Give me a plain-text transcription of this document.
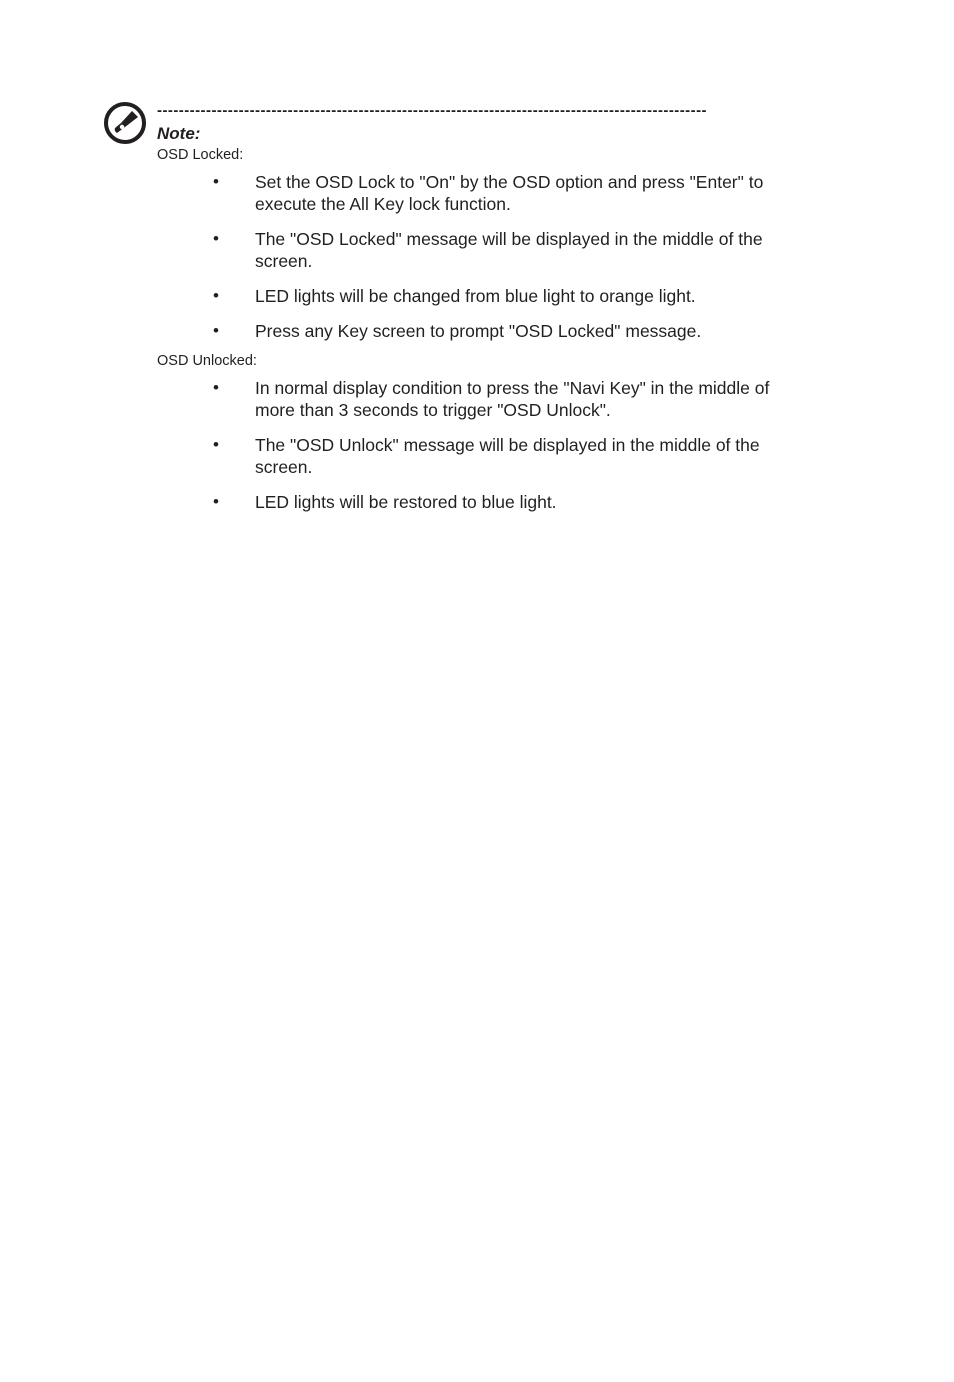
-----------------------------------------------------------------------------------------------------
Note:
OSD Locked:
• Set the OSD Lock to "On" by the OSD option and press "Enter" to execute the All Key lock function.
• The "OSD Locked" message will be displayed in the middle of the screen.
• LED lights will be changed from blue light to orange light.
• Press any Key screen to prompt "OSD Locked" message.
OSD Unlocked:
• In normal display condition to press the "Navi Key" in the middle of more than 3 seconds to trigger "OSD Unlock".
• The "OSD Unlock" message will be displayed in the middle of the screen.
• LED lights will be restored to blue light.
